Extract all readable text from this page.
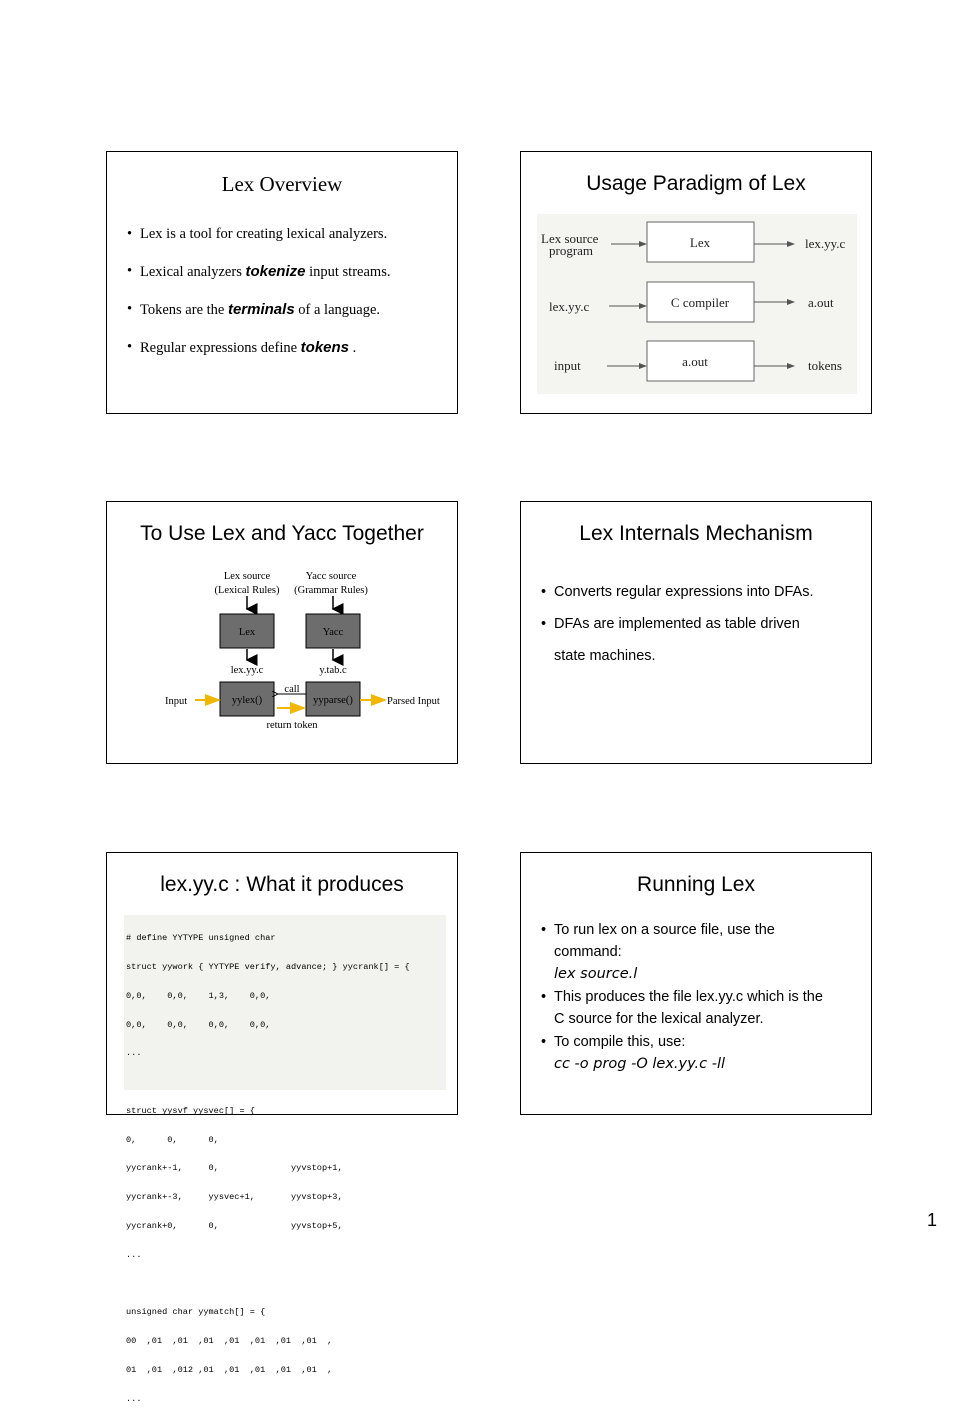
Lex Overview
• Lex is a tool for creating lexical analyzers.
• Lexical analyzers tokenize input streams.
• Tokens are the terminals of a language.
• Regular expressions define tokens .
Usage Paradigm of Lex
Lex source
program
Lex	lex.yy.c
lex.yy.c	C compiler	a.out
input	a.out	tokens
To Use Lex and Yacc Together
Lex source
(Lexical Rules)
Yacc source
(Grammar Rules)
Lex	Yacc
lex.yy.c	y.tab.c
yylex()	yyparse()
Input
call
return token
Parsed Input
Lex Internals Mechanism
• Converts regular expressions into DFAs.
• DFAs are implemented as table driven
state machines.
lex.yy.c : What it produces

# define YYTYPE unsigned char

struct yywork { YYTYPE verify, advance; } yycrank[] = {

0,0,    0,0,    1,3,    0,0,

0,0,    0,0,    0,0,    0,0,

...

struct yysvf yysvec[] = {

0,      0,      0,

yycrank+-1,     0,              yyvstop+1,

yycrank+-3,     yysvec+1,       yyvstop+3,

yycrank+0,      0,              yyvstop+5,

...

unsigned char yymatch[] = {

00  ,01  ,01  ,01  ,01  ,01  ,01  ,01  ,

01  ,01  ,012 ,01  ,01  ,01  ,01  ,01  ,

...

Running Lex
• To run lex on a source file, use the
command:
lex source.l
• This produces the file lex.yy.c which is the
C source for the lexical analyzer.
• To compile this, use:
cc -o prog -O lex.yy.c -ll
1
